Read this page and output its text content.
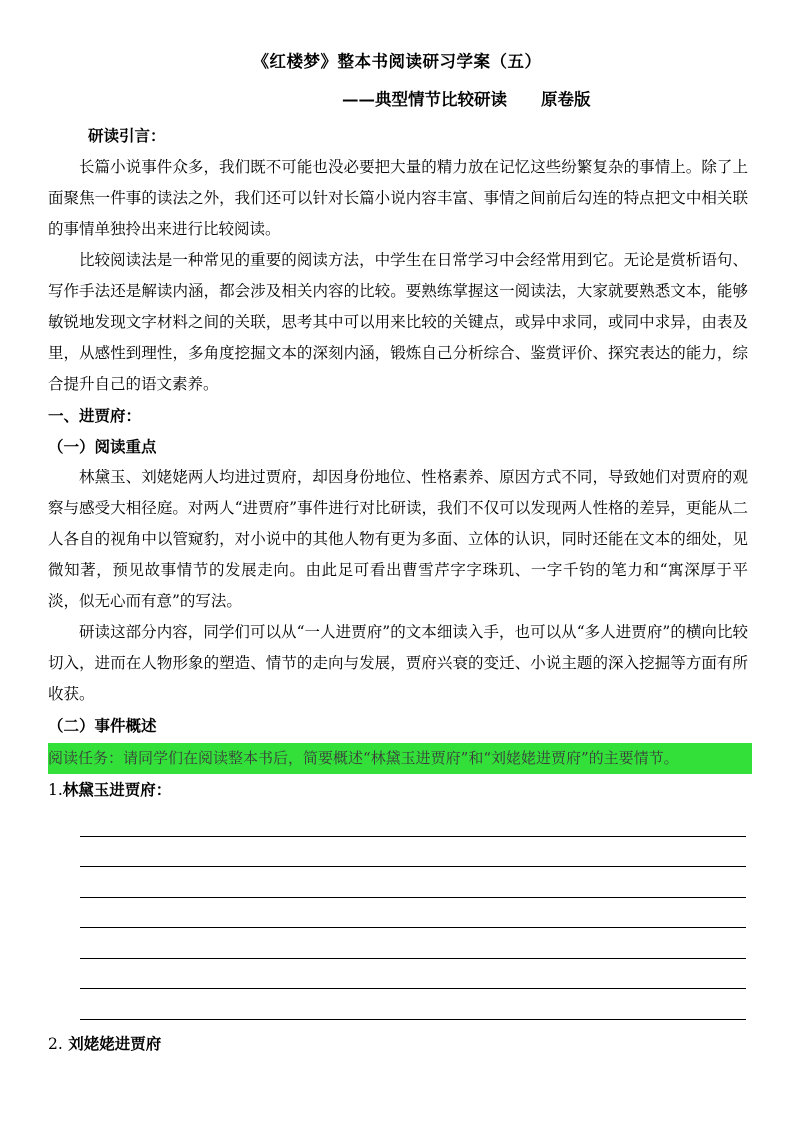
《红楼梦》整本书阅读研习学案（五）
——典型情节比较研读 原卷版

研读引言：

长篇小说事件众多，我们既不可能也没必要把大量的精力放在记忆这些纷繁复杂的事情上。除了上面聚焦一件事的读法之外，我们还可以针对长篇小说内容丰富、事情之间前后勾连的特点把文中相关联的事情单独拎出来进行比较阅读。

比较阅读法是一种常见的重要的阅读方法，中学生在日常学习中会经常用到它。无论是赏析语句、写作手法还是解读内涵，都会涉及相关内容的比较。要熟练掌握这一阅读法，大家就要熟悉文本，能够敏锐地发现文字材料之间的关联，思考其中可以用来比较的关键点，或异中求同，或同中求异，由表及里，从感性到理性，多角度挖掘文本的深刻内涵，锻炼自己分析综合、鉴赏评价、探究表达的能力，综合提升自己的语文素养。

一、进贾府：

（一）阅读重点

林黛玉、刘姥姥两人均进过贾府，却因身份地位、性格素养、原因方式不同，导致她们对贾府的观察与感受大相径庭。对两人“进贾府”事件进行对比研读，我们不仅可以发现两人性格的差异，更能从二人各自的视角中以管窥豹，对小说中的其他人物有更为多面、立体的认识，同时还能在文本的细处，见微知著，预见故事情节的发展走向。由此足可看出曹雪芹字字珠玑、一字千钧的笔力和“寓深厚于平淡，似无心而有意”的写法。

研读这部分内容，同学们可以从“一人进贾府”的文本细读入手，也可以从“多人进贾府”的横向比较切入，进而在人物形象的塑造、情节的走向与发展，贾府兴衰的变迁、小说主题的深入挖掘等方面有所收获。

（二）事件概述

阅读任务：请同学们在阅读整本书后，简要概述“林黛玉进贾府”和“刘姥姥进贾府”的主要情节。

1.林黛玉进贾府：

2. 刘姥姥进贾府
